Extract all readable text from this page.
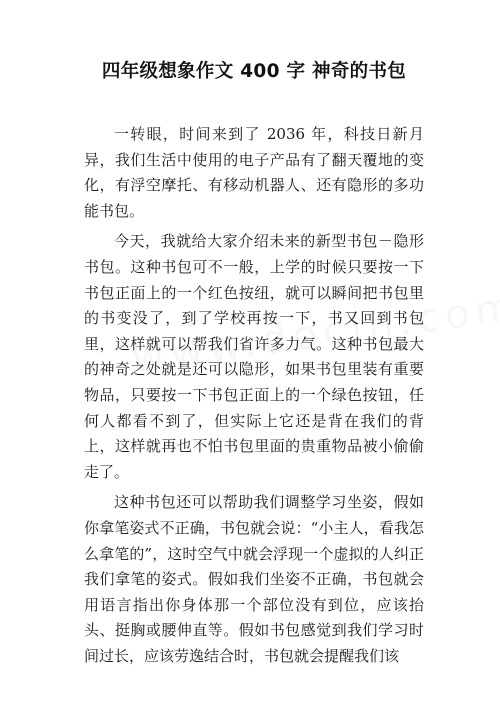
四年级想象作文 400 字 神奇的书包

一转眼，时间来到了 2036 年，科技日新月异，我们生活中使用的电子产品有了翻天覆地的变化，有浮空摩托、有移动机器人、还有隐形的多功能书包。

今天，我就给大家介绍未来的新型书包－隐形书包。这种书包可不一般，上学的时候只要按一下书包正面上的一个红色按纽，就可以瞬间把书包里的书变没了，到了学校再按一下，书又回到书包里，这样就可以帮我们省许多力气。这种书包最大的神奇之处就是还可以隐形，如果书包里装有重要物品，只要按一下书包正面上的一个绿色按钮，任何人都看不到了，但实际上它还是背在我们的背上，这样就再也不怕书包里面的贵重物品被小偷偷走了。

这种书包还可以帮助我们调整学习坐姿，假如你拿笔姿式不正确，书包就会说：“小主人，看我怎么拿笔的”，这时空气中就会浮现一个虚拟的人纠正我们拿笔的姿式。假如我们坐姿不正确，书包就会用语言指出你身体那一个部位没有到位，应该抬头、挺胸或腰伸直等。假如书包感觉到我们学习时间过长，应该劳逸结合时，书包就会提醒我们该
